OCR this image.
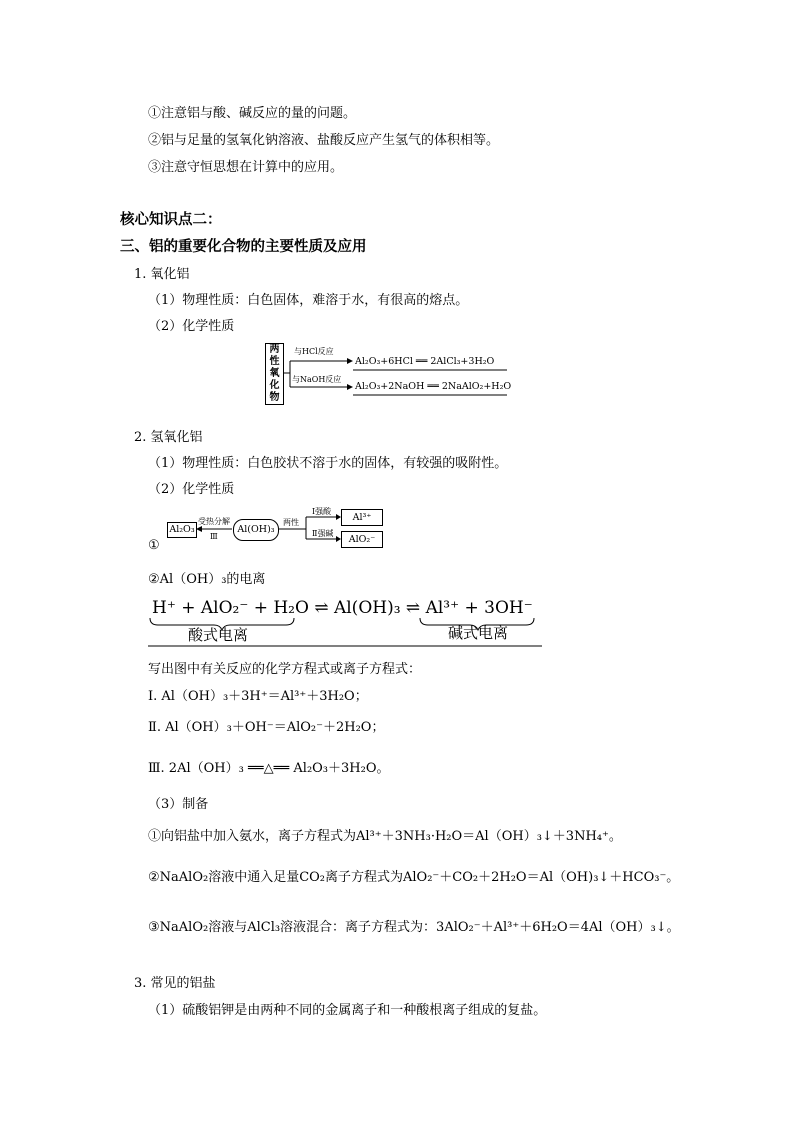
①注意铝与酸、碱反应的量的问题。
②铝与足量的氢氧化钠溶液、盐酸反应产生氢气的体积相等。
③注意守恒思想在计算中的应用。
核心知识点二：
三、铝的重要化合物的主要性质及应用
1. 氧化铝
（1）物理性质：白色固体，难溶于水，有很高的熔点。
（2）化学性质
两性氧化物
与HCl反应
与NaOH反应
Al₂O₃+6HCl ══ 2AlCl₃+3H₂O
Al₂O₃+2NaOH ══ 2NaAlO₂+H₂O
2. 氢氧化铝
（1）物理性质：白色胶状不溶于水的固体，有较强的吸附性。
（2）化学性质
①
Al₂O₃	Al(OH)₃
Al³⁺
AlO₂⁻
受热分解
Ⅲ
两性
Ⅰ强酸
Ⅱ强碱
②Al（OH）₃的电离
H⁺ + AlO₂⁻ + H₂O ⇌ Al(OH)₃ ⇌ Al³⁺ + 3OH⁻
酸式电离	碱式电离
写出图中有关反应的化学方程式或离子方程式：
Ⅰ. Al（OH）₃＋3H⁺＝Al³⁺＋3H₂O；
Ⅱ. Al（OH）₃＋OH⁻＝AlO₂⁻＋2H₂O；
Ⅲ. 2Al（OH）₃ ══△══ Al₂O₃＋3H₂O。
（3）制备
①向铝盐中加入氨水，离子方程式为Al³⁺＋3NH₃·H₂O＝Al（OH）₃↓＋3NH₄⁺。
②NaAlO₂溶液中通入足量CO₂离子方程式为AlO₂⁻＋CO₂＋2H₂O＝Al（OH)₃↓＋HCO₃⁻。
③NaAlO₂溶液与AlCl₃溶液混合：离子方程式为：3AlO₂⁻＋Al³⁺＋6H₂O＝4Al（OH）₃↓。
3. 常见的铝盐
（1）硫酸铝钾是由两种不同的金属离子和一种酸根离子组成的复盐。
